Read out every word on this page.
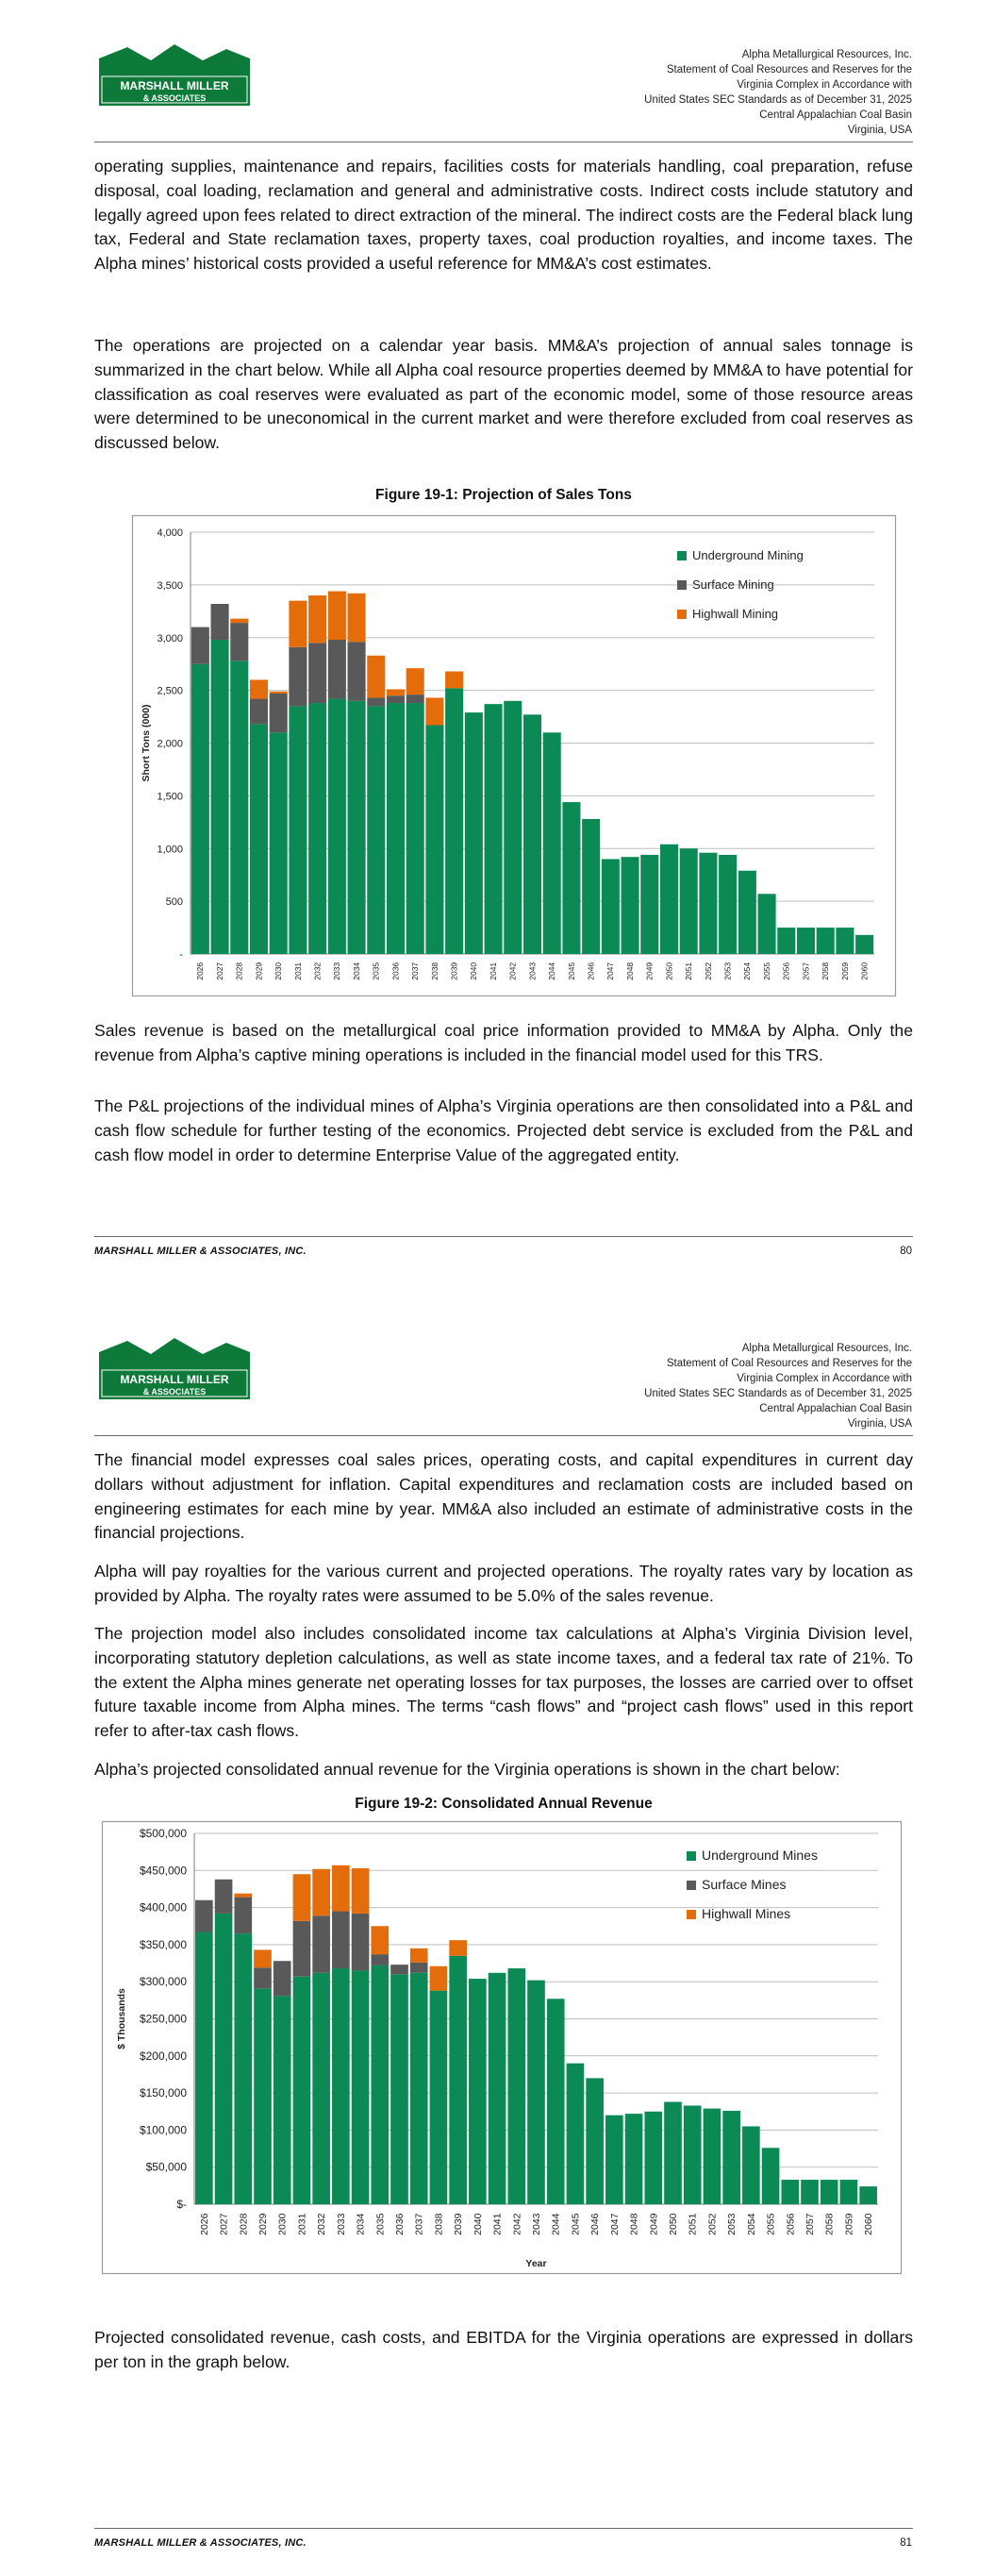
MARSHALL MILLER
& ASSOCIATES
Alpha Metallurgical Resources, Inc.
Statement of Coal Resources and Reserves for the
Virginia Complex in Accordance with
United States SEC Standards as of December 31, 2025
Central Appalachian Coal Basin
Virginia, USA

operating supplies, maintenance and repairs, facilities costs for materials handling, coal preparation, refuse disposal, coal loading, reclamation and general and administrative costs. Indirect costs include statutory and legally agreed upon fees related to direct extraction of the mineral. The indirect costs are the Federal black lung tax, Federal and State reclamation taxes, property taxes, coal production royalties, and income taxes. The Alpha mines’ historical costs provided a useful reference for MM&A’s cost estimates.

The operations are projected on a calendar year basis. MM&A’s projection of annual sales tonnage is summarized in the chart below. While all Alpha coal resource properties deemed by MM&A to have potential for classification as coal reserves were evaluated as part of the economic model, some of those resource areas were determined to be uneconomical in the current market and were therefore excluded from coal reserves as discussed below.

Figure 19-1: Projection of Sales Tons
-
500
1,000
1,500
2,000
2,500
3,000
3,500
4,000
2026 2027 2028 2029 2030 2031 2032 2033 2034 2035 2036 2037 2038 2039 2040 2041 2042 2043 2044 2045 2046 2047 2048 2049 2050 2051 2052 2053 2054 2055 2056 2057 2058 2059 2060
Short Tons (000)
Underground Mining
Surface Mining
Highwall Mining

Sales revenue is based on the metallurgical coal price information provided to MM&A by Alpha. Only the revenue from Alpha’s captive mining operations is included in the financial model used for this TRS.

The P&L projections of the individual mines of Alpha’s Virginia operations are then consolidated into a P&L and cash flow schedule for further testing of the economics. Projected debt service is excluded from the P&L and cash flow model in order to determine Enterprise Value of the aggregated entity.

MARSHALL MILLER & ASSOCIATES, INC.	80
MARSHALL MILLER
& ASSOCIATES
Alpha Metallurgical Resources, Inc.
Statement of Coal Resources and Reserves for the
Virginia Complex in Accordance with
United States SEC Standards as of December 31, 2025
Central Appalachian Coal Basin
Virginia, USA

The financial model expresses coal sales prices, operating costs, and capital expenditures in current day dollars without adjustment for inflation. Capital expenditures and reclamation costs are included based on engineering estimates for each mine by year. MM&A also included an estimate of administrative costs in the financial projections.

Alpha will pay royalties for the various current and projected operations. The royalty rates vary by location as provided by Alpha. The royalty rates were assumed to be 5.0% of the sales revenue.

The projection model also includes consolidated income tax calculations at Alpha’s Virginia Division level, incorporating statutory depletion calculations, as well as state income taxes, and a federal tax rate of 21%. To the extent the Alpha mines generate net operating losses for tax purposes, the losses are carried over to offset future taxable income from Alpha mines. The terms “cash flows” and “project cash flows” used in this report refer to after-tax cash flows.

Alpha’s projected consolidated annual revenue for the Virginia operations is shown in the chart below:

Figure 19-2: Consolidated Annual Revenue
$-
$50,000
$100,000
$150,000
$200,000
$250,000
$300,000
$350,000
$400,000
$450,000
$500,000
2026 2027 2028 2029 2030 2031 2032 2033 2034 2035 2036 2037 2038 2039 2040 2041 2042 2043 2044 2045 2046 2047 2048 2049 2050 2051 2052 2053 2054 2055 2056 2057 2058 2059 2060
$ Thousands
Year
Underground Mines
Surface Mines
Highwall Mines

Projected consolidated revenue, cash costs, and EBITDA for the Virginia operations are expressed in dollars per ton in the graph below.

MARSHALL MILLER & ASSOCIATES, INC.	81
